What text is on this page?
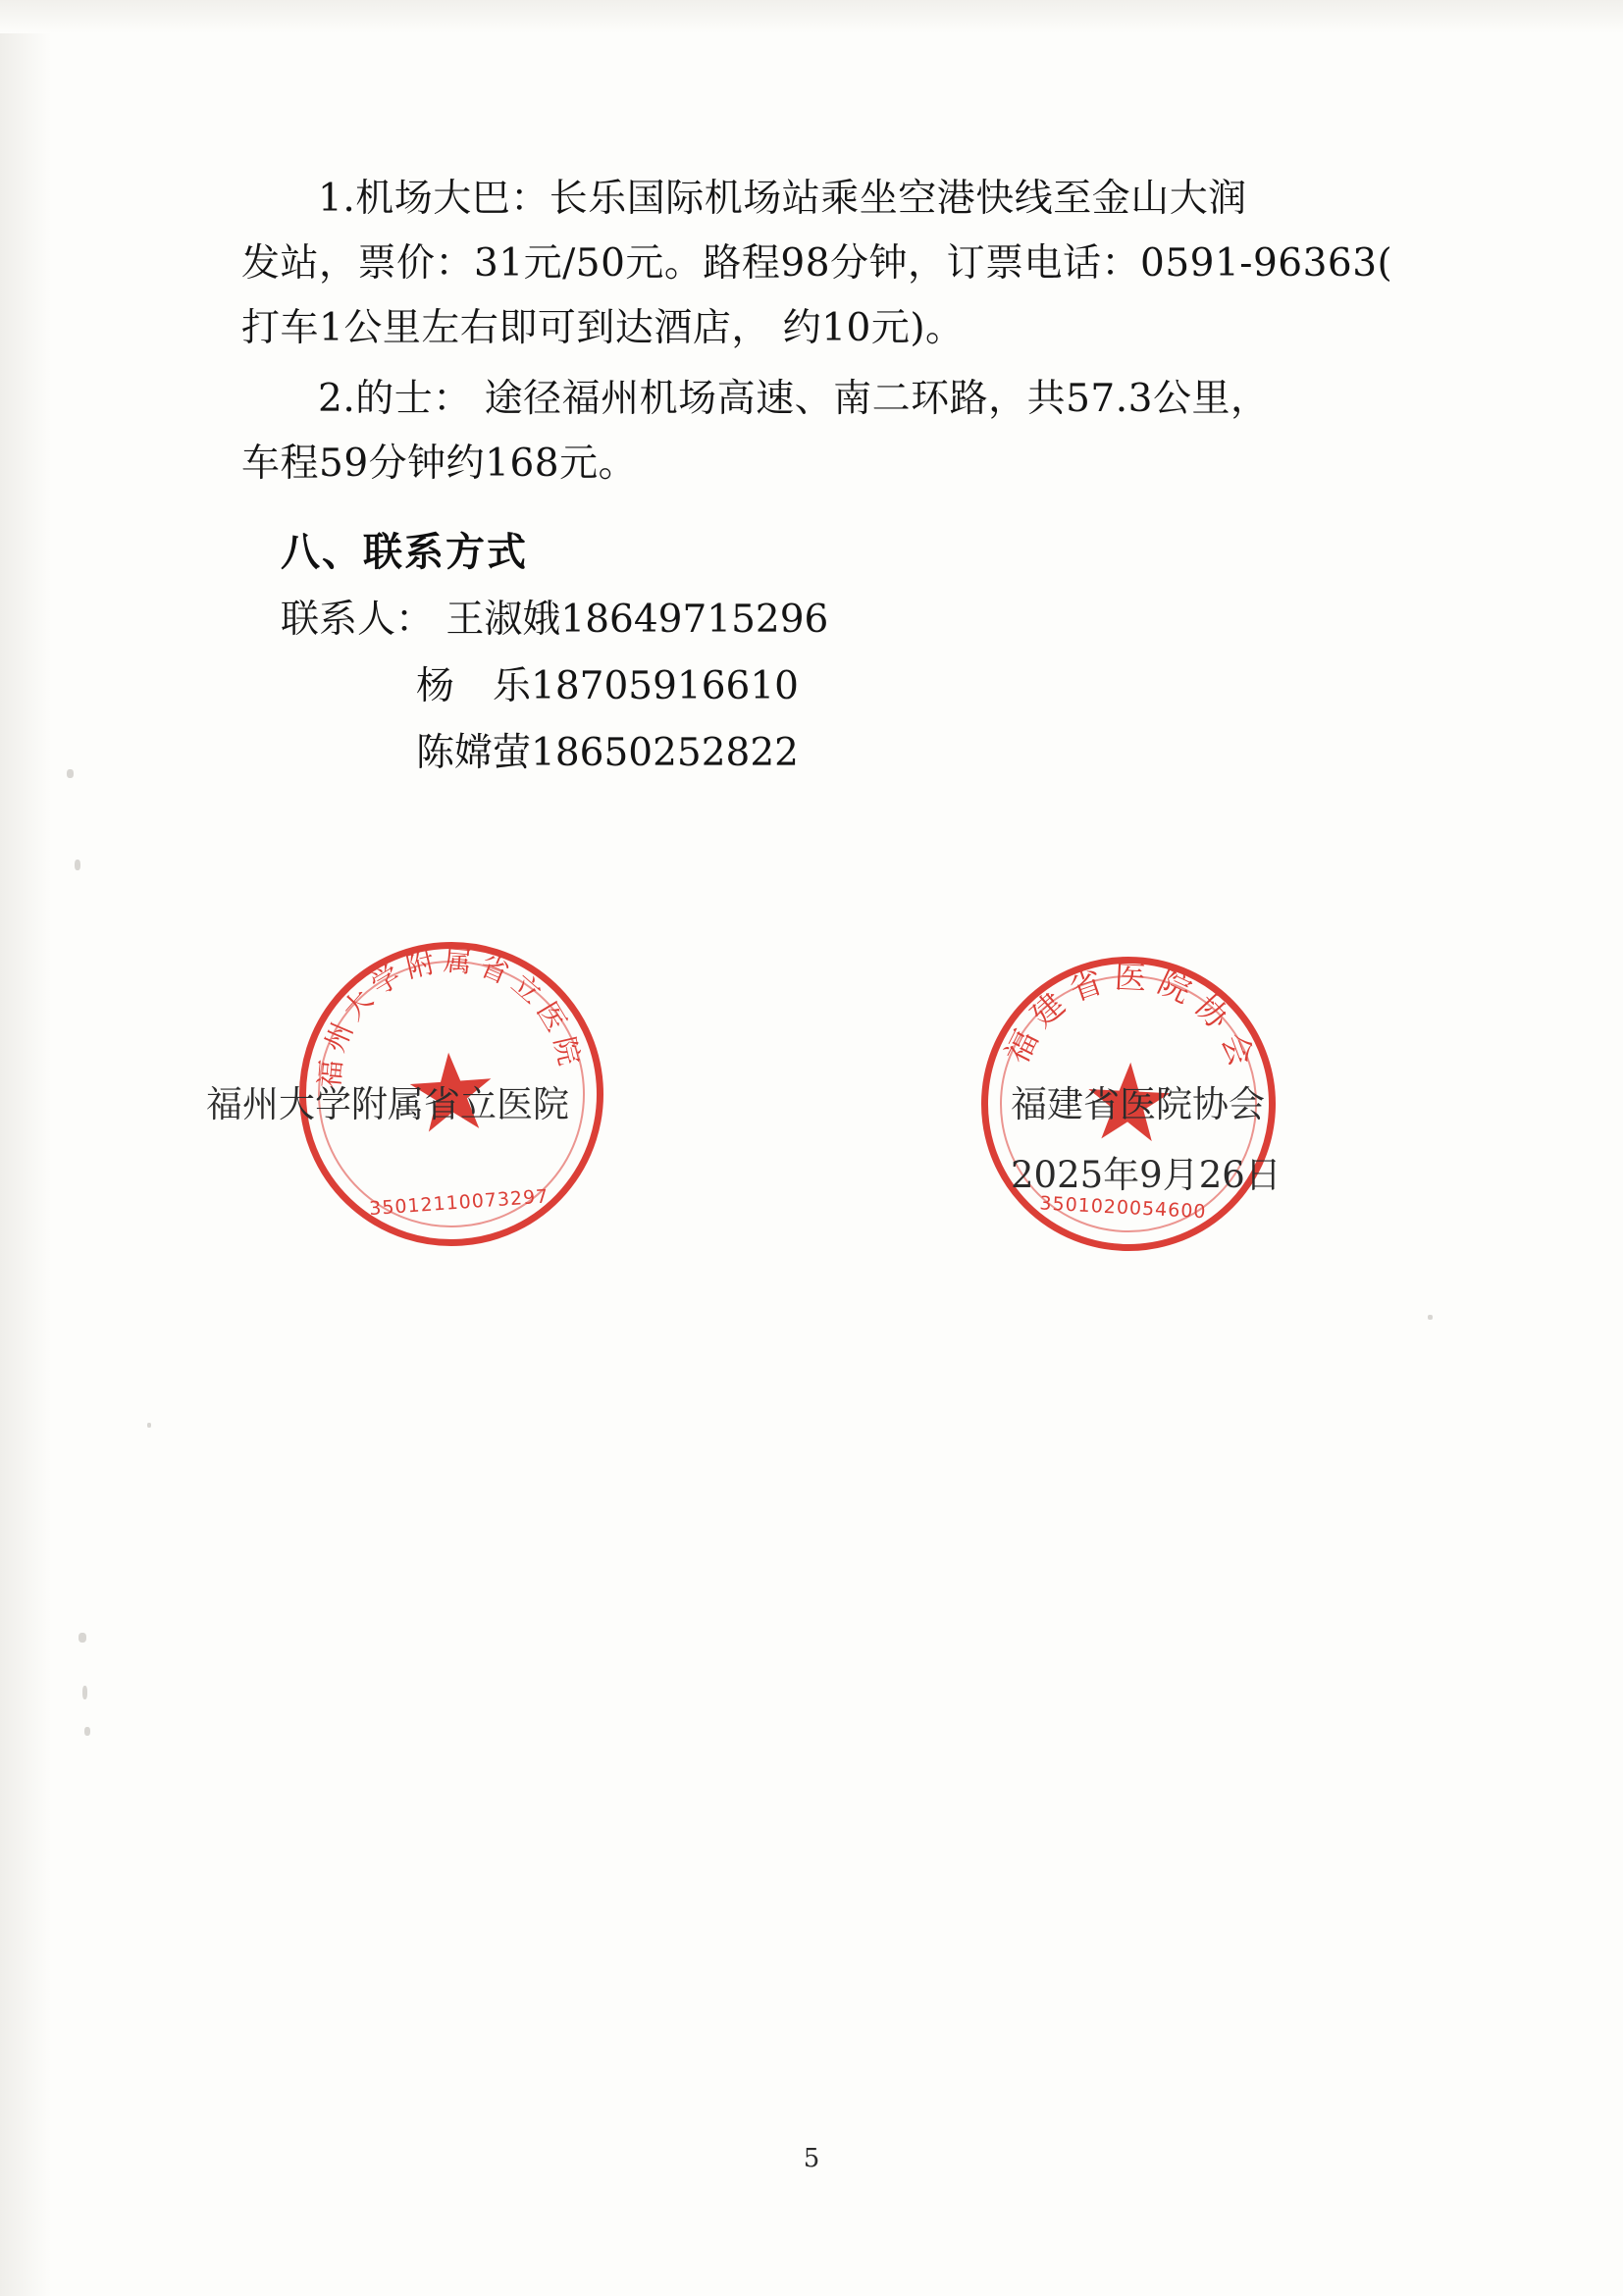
1.机场大巴：长乐国际机场站乘坐空港快线至金山大润

发站，票价：31元/50元。路程98分钟，订票电话：0591-96363(

打车1公里左右即可到达酒店， 约10元)。

2.的士： 途径福州机场高速、南二环路，共57.3公里，

车程59分钟约168元。

八、联系方式

联系人： 王淑娥18649715296

杨　乐18705916610

陈嫦萤18650252822

福州大学附属省立医院
35012110073297
福建省医院协会
3501020054600
福州大学附属省立医院	福建省医院协会
2025年9月26日
5
